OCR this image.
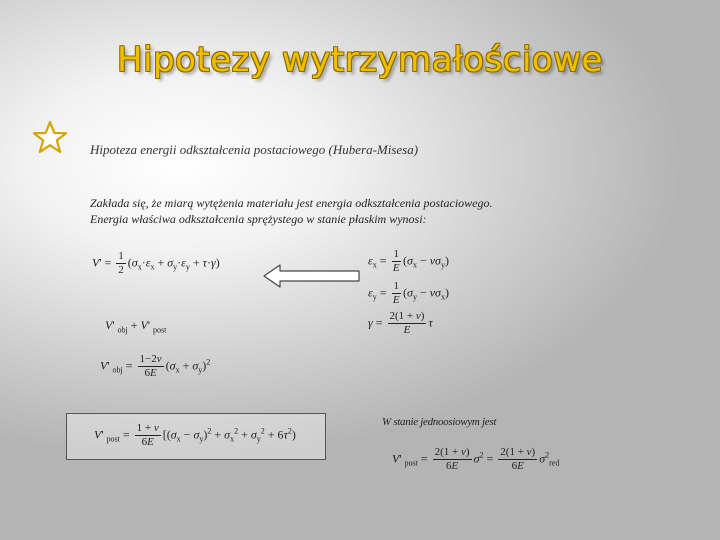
Hipotezy wytrzymałościowe
Hipoteza energii odkształcenia postaciowego (Hubera-Misesa)
Zakłada się, że miarą wytężenia materiału jest energia odkształcenia postaciowego.
Energia właściwa odkształcenia sprężystego w stanie płaskim wynosi:
$V' = \frac{1}{2} (\sigma_x\cdot\varepsilon_x + \sigma_y\cdot\varepsilon_y + \tau\cdot\gamma)$
V' $_{obj}$ + V' $_{post}$
V' $_{obj} = \frac{1-2\nu}{6E} (\sigma_x + \sigma_y)^2$
$\varepsilon_x = \frac{1}{E} (\sigma_x - \nu\sigma_y)$
$\varepsilon_y = \frac{1}{E} (\sigma_y - \nu\sigma_x)$
$\gamma = \frac{2(1 + \nu)}{E}$ τ
V' $_{post} = \frac{1 + \nu}{6E} [(\sigma_x - \sigma_y)^2 + \sigma_x^2 + \sigma_y^2 + 6\tau^2)$
W stanie jednoosiowym jest
V' $_{post} = \frac{2(1 + \nu)}{6E} \sigma^2 = \frac{2(1 + \nu)}{6E} \sigma^2_{red}$
